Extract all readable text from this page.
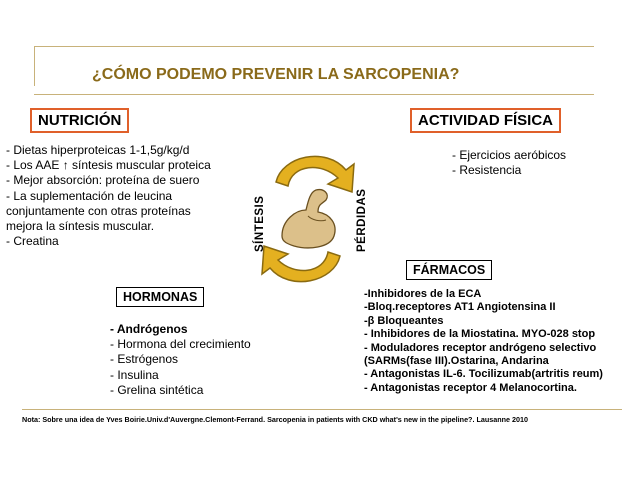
¿CÓMO PODEMO PREVENIR LA SARCOPENIA?
NUTRICIÓN
- Dietas hiperproteicas 1-1,5g/kg/d
- Los AAE ↑ síntesis muscular proteica
- Mejor absorción: proteína de suero
- La suplementación de leucina
conjuntamente con otras proteínas
mejora la síntesis muscular.
- Creatina
ACTIVIDAD FÍSICA
- Ejercicios aeróbicos
- Resistencia
SÍNTESIS	PÉRDIDAS
HORMONAS
- Andrógenos
- Hormona del crecimiento
- Estrógenos
- Insulina
- Grelina sintética
FÁRMACOS
-Inhibidores de la ECA
-Bloq.receptores AT1 Angiotensina II
-β Bloqueantes
- Inhibidores de la Miostatina. MYO-028 stop
- Moduladores receptor andrógeno selectivo
(SARMs(fase III).Ostarina, Andarina
- Antagonistas IL-6. Tocilizumab(artritis reum)
- Antagonistas receptor 4 Melanocortina.
Nota: Sobre una idea de Yves Boirie.Univ.d'Auvergne.Clemont-Ferrand. Sarcopenia in patients with CKD what's new in the pipeline?. Lausanne 2010
